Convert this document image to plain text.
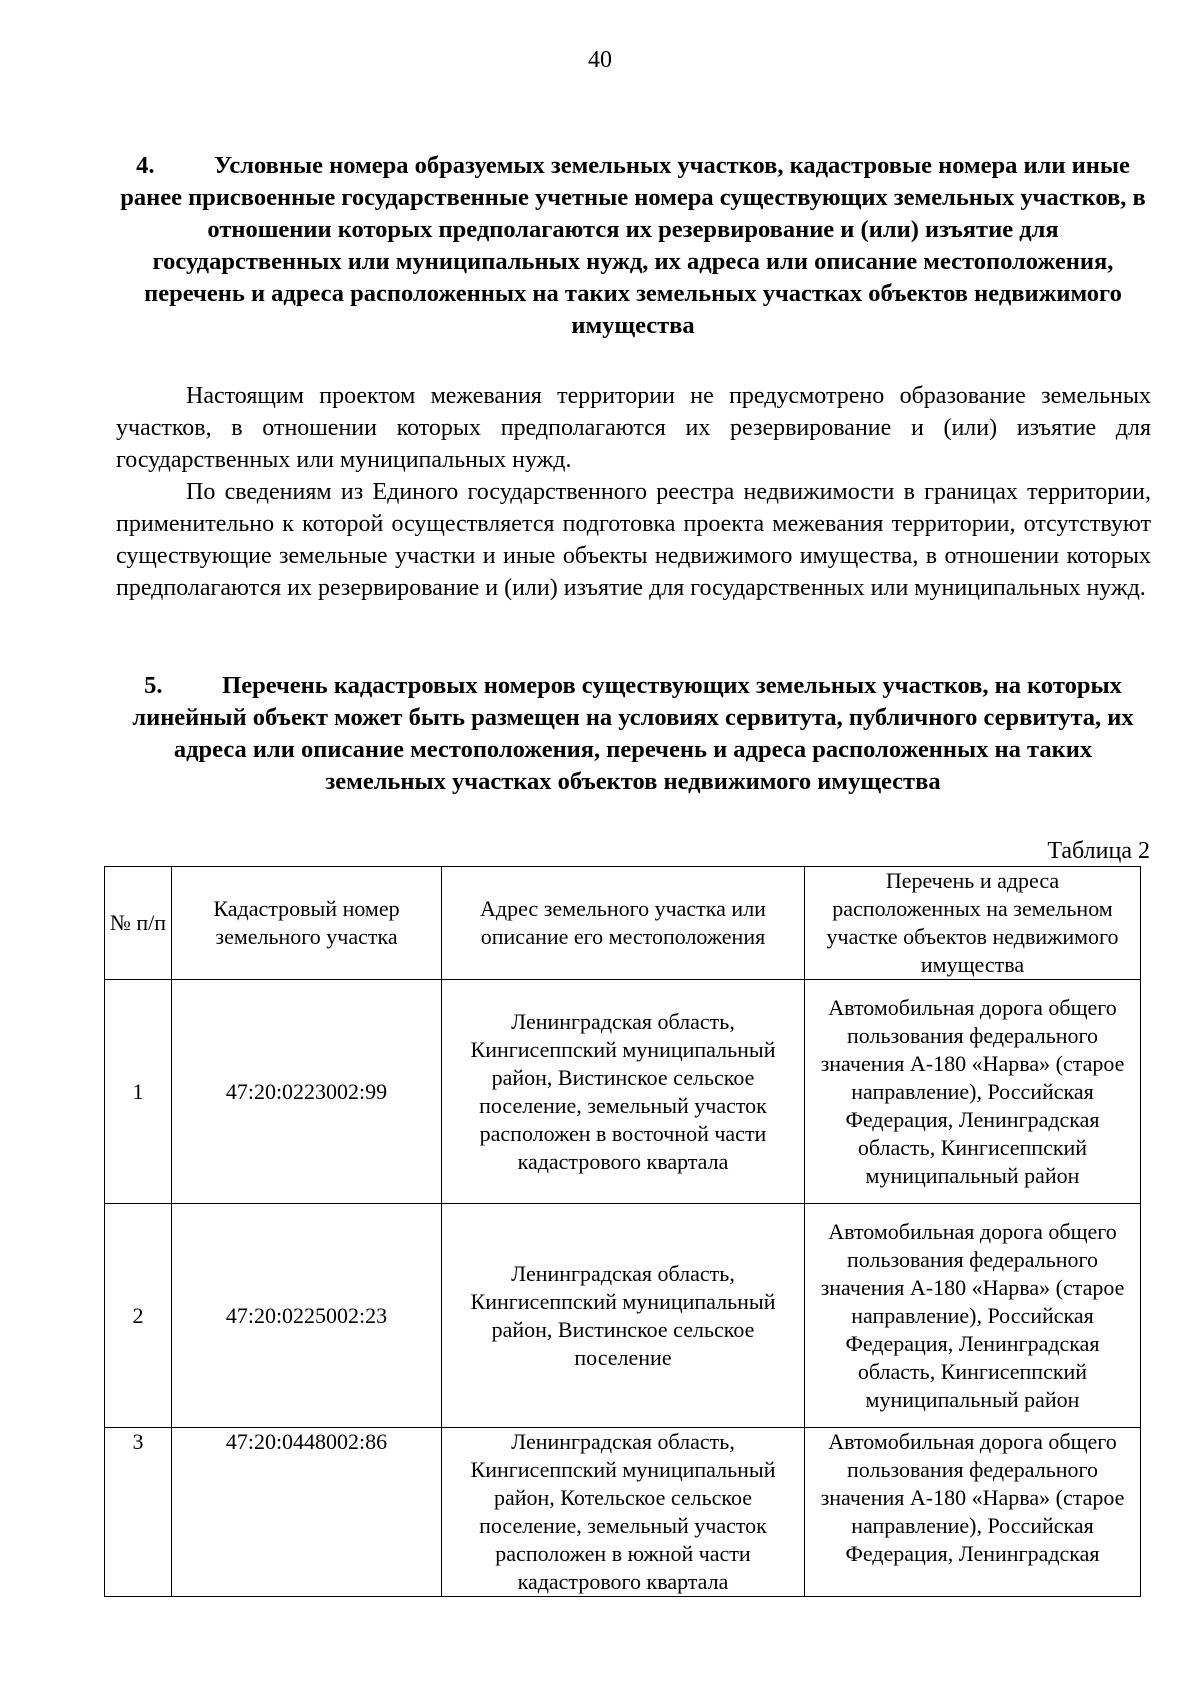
40
4. Условные номера образуемых земельных участков, кадастровые номера или иные ранее присвоенные государственные учетные номера существующих земельных участков, в отношении которых предполагаются их резервирование и (или) изъятие для государственных или муниципальных нужд, их адреса или описание местоположения, перечень и адреса расположенных на таких земельных участках объектов недвижимого имущества

Настоящим проектом межевания территории не предусмотрено образование земельных участков, в отношении которых предполагаются их резервирование и (или) изъятие для государственных или муниципальных нужд.

По сведениям из Единого государственного реестра недвижимости в границах территории, применительно к которой осуществляется подготовка проекта межевания территории, отсутствуют существующие земельные участки и иные объекты недвижимого имущества, в отношении которых предполагаются их резервирование и (или) изъятие для государственных или муниципальных нужд.

5. Перечень кадастровых номеров существующих земельных участков, на которых линейный объект может быть размещен на условиях сервитута, публичного сервитута, их адреса или описание местоположения, перечень и адреса расположенных на таких земельных участках объектов недвижимого имущества
Таблица 2
№ п/п	Кадастровый номер земельного участка	Адрес земельного участка или описание его местоположения	Перечень и адреса расположенных на земельном участке объектов недвижимого имущества
1	47:20:0223002:99	Ленинградская область, Кингисеппский муниципальный район, Вистинское сельское поселение, земельный участок расположен в восточной части кадастрового квартала	Автомобильная дорога общего пользования федерального значения А-180 «Нарва» (старое направление), Российская Федерация, Ленинградская область, Кингисеппский муниципальный район
2	47:20:0225002:23	Ленинградская область, Кингисеппский муниципальный район, Вистинское сельское поселение	Автомобильная дорога общего пользования федерального значения А-180 «Нарва» (старое направление), Российская Федерация, Ленинградская область, Кингисеппский муниципальный район
3	47:20:0448002:86	Ленинградская область, Кингисеппский муниципальный район, Котельское сельское поселение, земельный участок расположен в южной части кадастрового квартала	Автомобильная дорога общего пользования федерального значения А-180 «Нарва» (старое направление), Российская Федерация, Ленинградская
